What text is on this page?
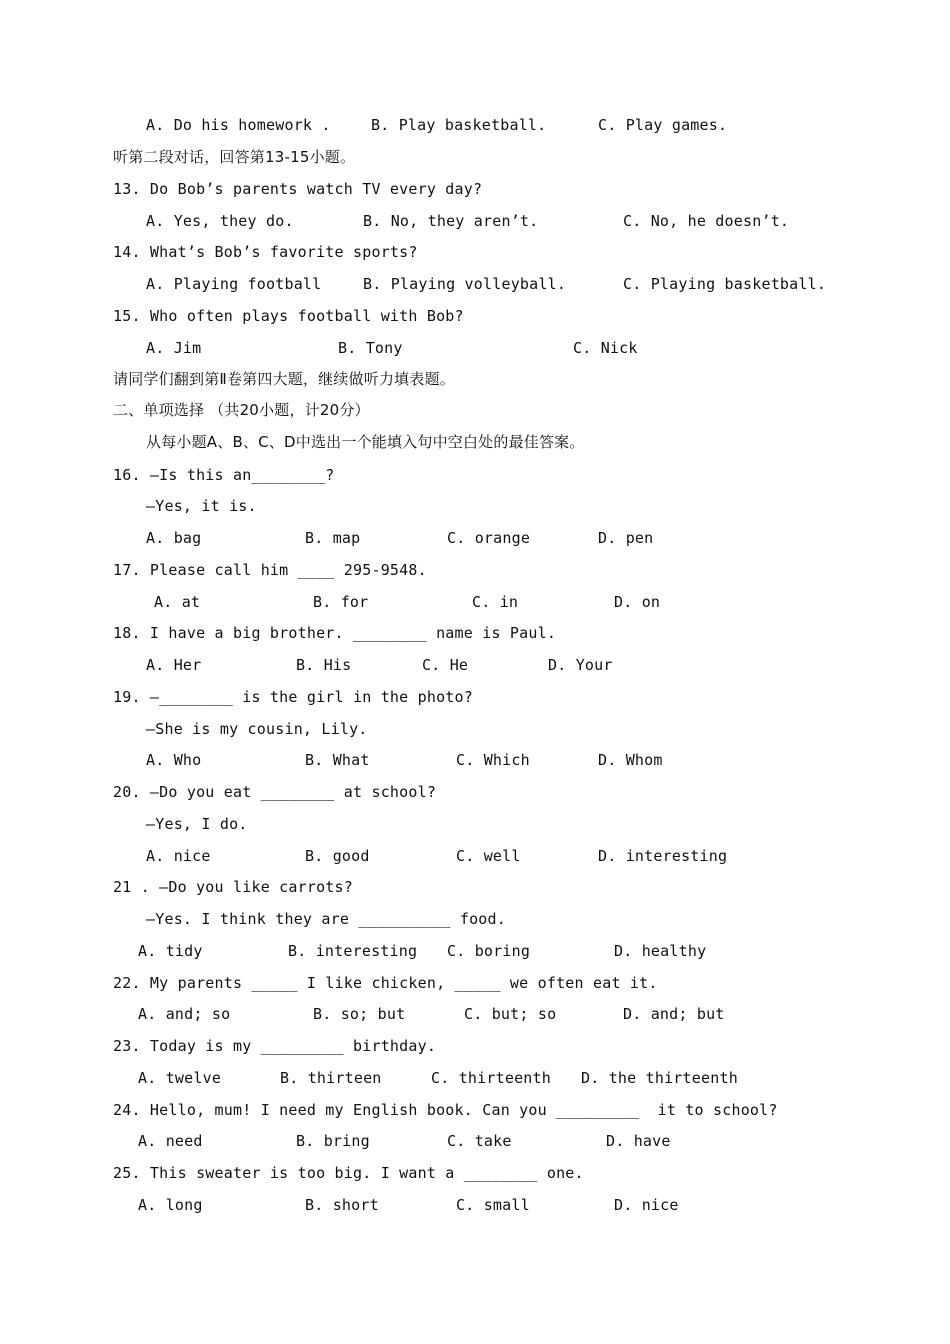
A. Do his homework .	B. Play basketball.	C. Play games.
听第二段对话，回答第13-15小题。
13. Do Bob’s parents watch TV every day?
A. Yes, they do.	B. No, they aren’t.	C. No, he doesn’t.
14. What’s Bob’s favorite sports?
A. Playing football	B. Playing volleyball.	C. Playing basketball.
15. Who often plays football with Bob?
A. Jim	B. Tony	C. Nick
请同学们翻到第Ⅱ卷第四大题，继续做听力填表题。
二、单项选择 （共20小题，计20分）
从每小题A、B、C、D中选出一个能填入句中空白处的最佳答案。
16. —Is this an________?
—Yes, it is.
A. bag	B. map	C. orange	D. pen
17. Please call him ____ 295-9548.
A. at	B. for	C. in	D. on
18. I have a big brother. ________ name is Paul.
A. Her	B. His	C. He	D. Your
19. —________ is the girl in the photo?
—She is my cousin, Lily.
A. Who	B. What	C. Which	D. Whom
20. —Do you eat ________ at school?
—Yes, I do.
A. nice	B. good	C. well	D. interesting
21 . —Do you like carrots?
—Yes. I think they are __________ food.
A. tidy	B. interesting C. boring	D. healthy
22. My parents _____ I like chicken, _____ we often eat it.
A. and; so	B. so; but	C. but; so	D. and; but
23. Today is my _________ birthday.
A. twelve	B. thirteen	C. thirteenth D. the thirteenth
24. Hello, mum! I need my English book. Can you _________  it to school?
A. need	B. bring	C. take	D. have
25. This sweater is too big. I want a ________ one.
A. long	B. short	C. small	D. nice
